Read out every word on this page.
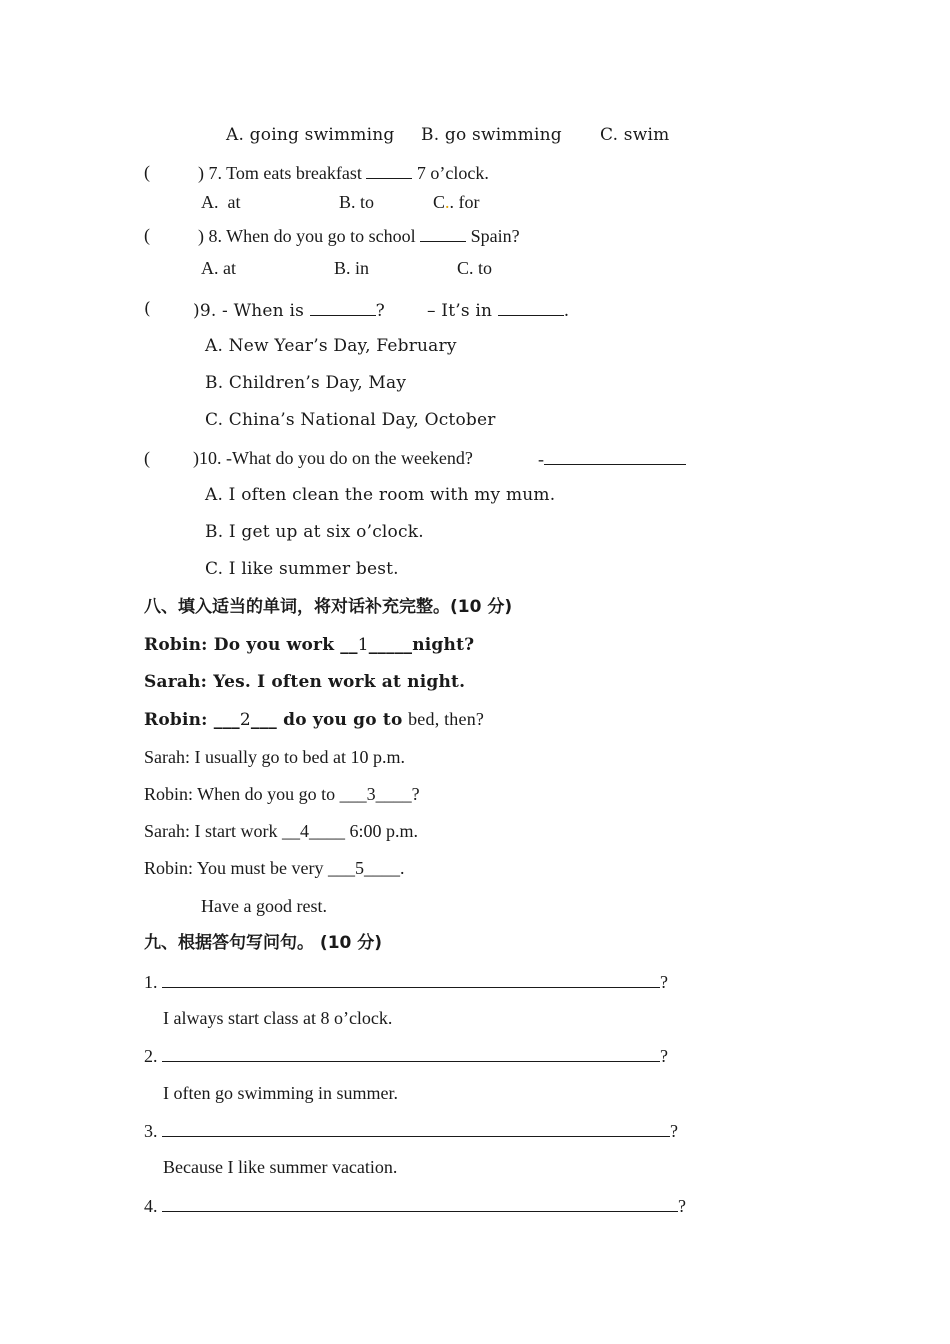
A. going swimming B. go swimming C. swim
(	) 7. Tom eats breakfast	7 o’clock.
A.  at	B. to	C.. for
(	) 8. When do you go to school	Spain?
A. at	B. in	C. to
( )9. - When is	? – It’s in	.
A. New Year’s Day, February
B. Children’s Day, May
C. China’s National Day, October
( )10. -What do you do on the weekend?	-
A. I often clean the room with my mum.
B. I get up at six o’clock.
C. I like summer best.
八、填入适当的单词，将对话补充完整。(10 分)
Robin: Do you work __1_____night?
Sarah: Yes. I often work at night.
Robin: ___2___ do you go to bed, then?
Sarah: I usually go to bed at 10 p.m.
Robin: When do you go to ___3____?
Sarah: I start work __4____ 6:00 p.m.
Robin: You must be very ___5____.
Have a good rest.
九、根据答句写问句。 (10 分)
1.	?
I always start class at 8 o’clock.
2.	?
I often go swimming in summer.
3.	?
Because I like summer vacation.
4.	?
